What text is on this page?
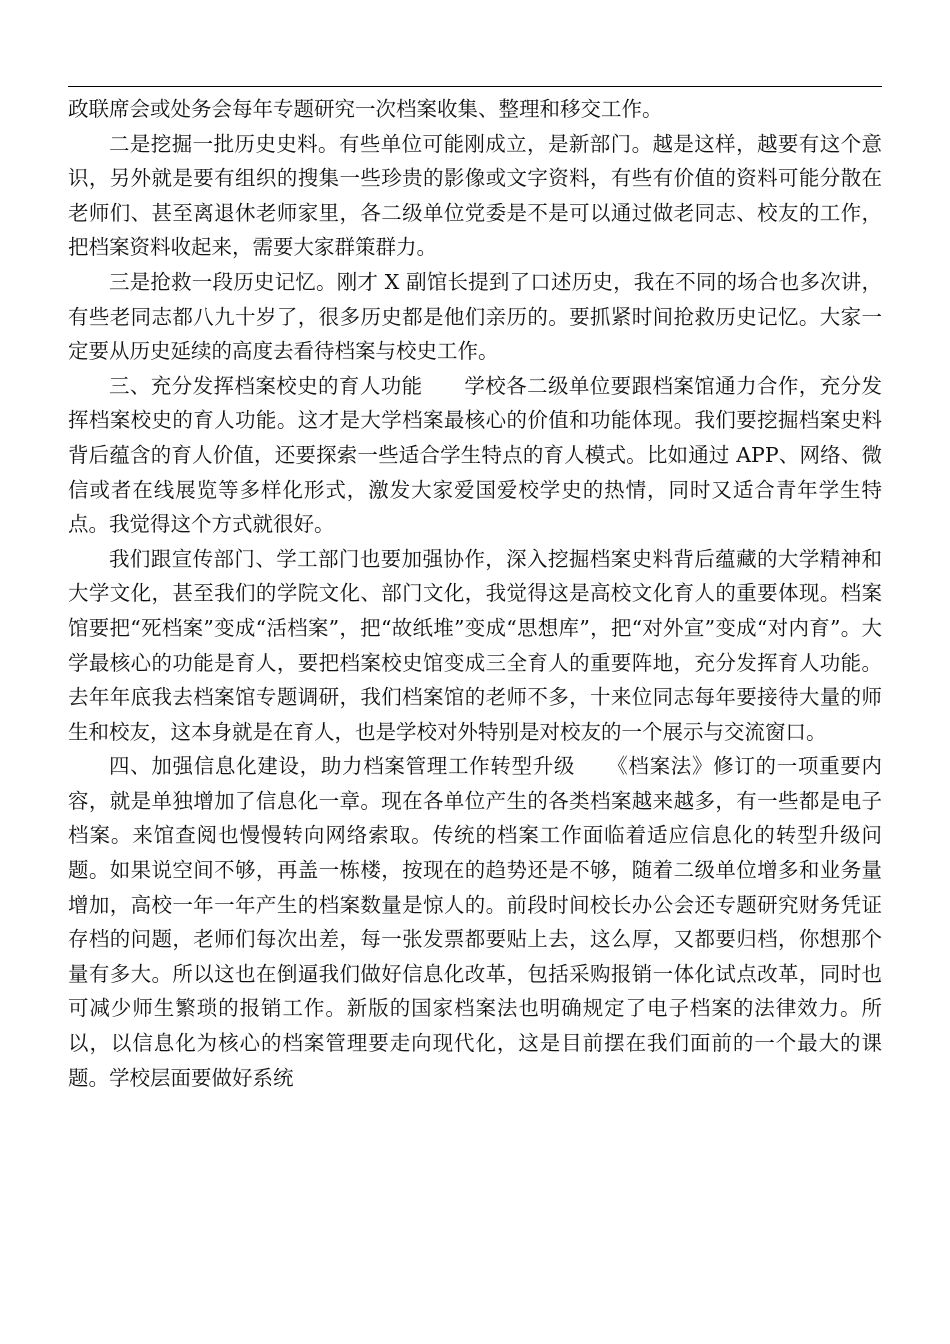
政联席会或处务会每年专题研究一次档案收集、整理和移交工作。

二是挖掘一批历史史料。有些单位可能刚成立，是新部门。越是这样，越要有这个意识，另外就是要有组织的搜集一些珍贵的影像或文字资料，有些有价值的资料可能分散在老师们、甚至离退休老师家里，各二级单位党委是不是可以通过做老同志、校友的工作，把档案资料收起来，需要大家群策群力。

三是抢救一段历史记忆。刚才 X 副馆长提到了口述历史，我在不同的场合也多次讲，有些老同志都八九十岁了，很多历史都是他们亲历的。要抓紧时间抢救历史记忆。大家一定要从历史延续的高度去看待档案与校史工作。

三、充分发挥档案校史的育人功能　　学校各二级单位要跟档案馆通力合作，充分发挥档案校史的育人功能。这才是大学档案最核心的价值和功能体现。我们要挖掘档案史料背后蕴含的育人价值，还要探索一些适合学生特点的育人模式。比如通过 APP、网络、微信或者在线展览等多样化形式，激发大家爱国爱校学史的热情，同时又适合青年学生特点。我觉得这个方式就很好。

我们跟宣传部门、学工部门也要加强协作，深入挖掘档案史料背后蕴藏的大学精神和大学文化，甚至我们的学院文化、部门文化，我觉得这是高校文化育人的重要体现。档案馆要把“死档案”变成“活档案”，把“故纸堆”变成“思想库”，把“对外宣”变成“对内育”。大学最核心的功能是育人，要把档案校史馆变成三全育人的重要阵地，充分发挥育人功能。去年年底我去档案馆专题调研，我们档案馆的老师不多，十来位同志每年要接待大量的师生和校友，这本身就是在育人，也是学校对外特别是对校友的一个展示与交流窗口。

四、加强信息化建设，助力档案管理工作转型升级　　《档案法》修订的一项重要内容，就是单独增加了信息化一章。现在各单位产生的各类档案越来越多，有一些都是电子档案。来馆查阅也慢慢转向网络索取。传统的档案工作面临着适应信息化的转型升级问题。如果说空间不够，再盖一栋楼，按现在的趋势还是不够，随着二级单位增多和业务量增加，高校一年一年产生的档案数量是惊人的。前段时间校长办公会还专题研究财务凭证存档的问题，老师们每次出差，每一张发票都要贴上去，这么厚，又都要归档，你想那个量有多大。所以这也在倒逼我们做好信息化改革，包括采购报销一体化试点改革，同时也可减少师生繁琐的报销工作。新版的国家档案法也明确规定了电子档案的法律效力。所以，以信息化为核心的档案管理要走向现代化，这是目前摆在我们面前的一个最大的课题。学校层面要做好系统
